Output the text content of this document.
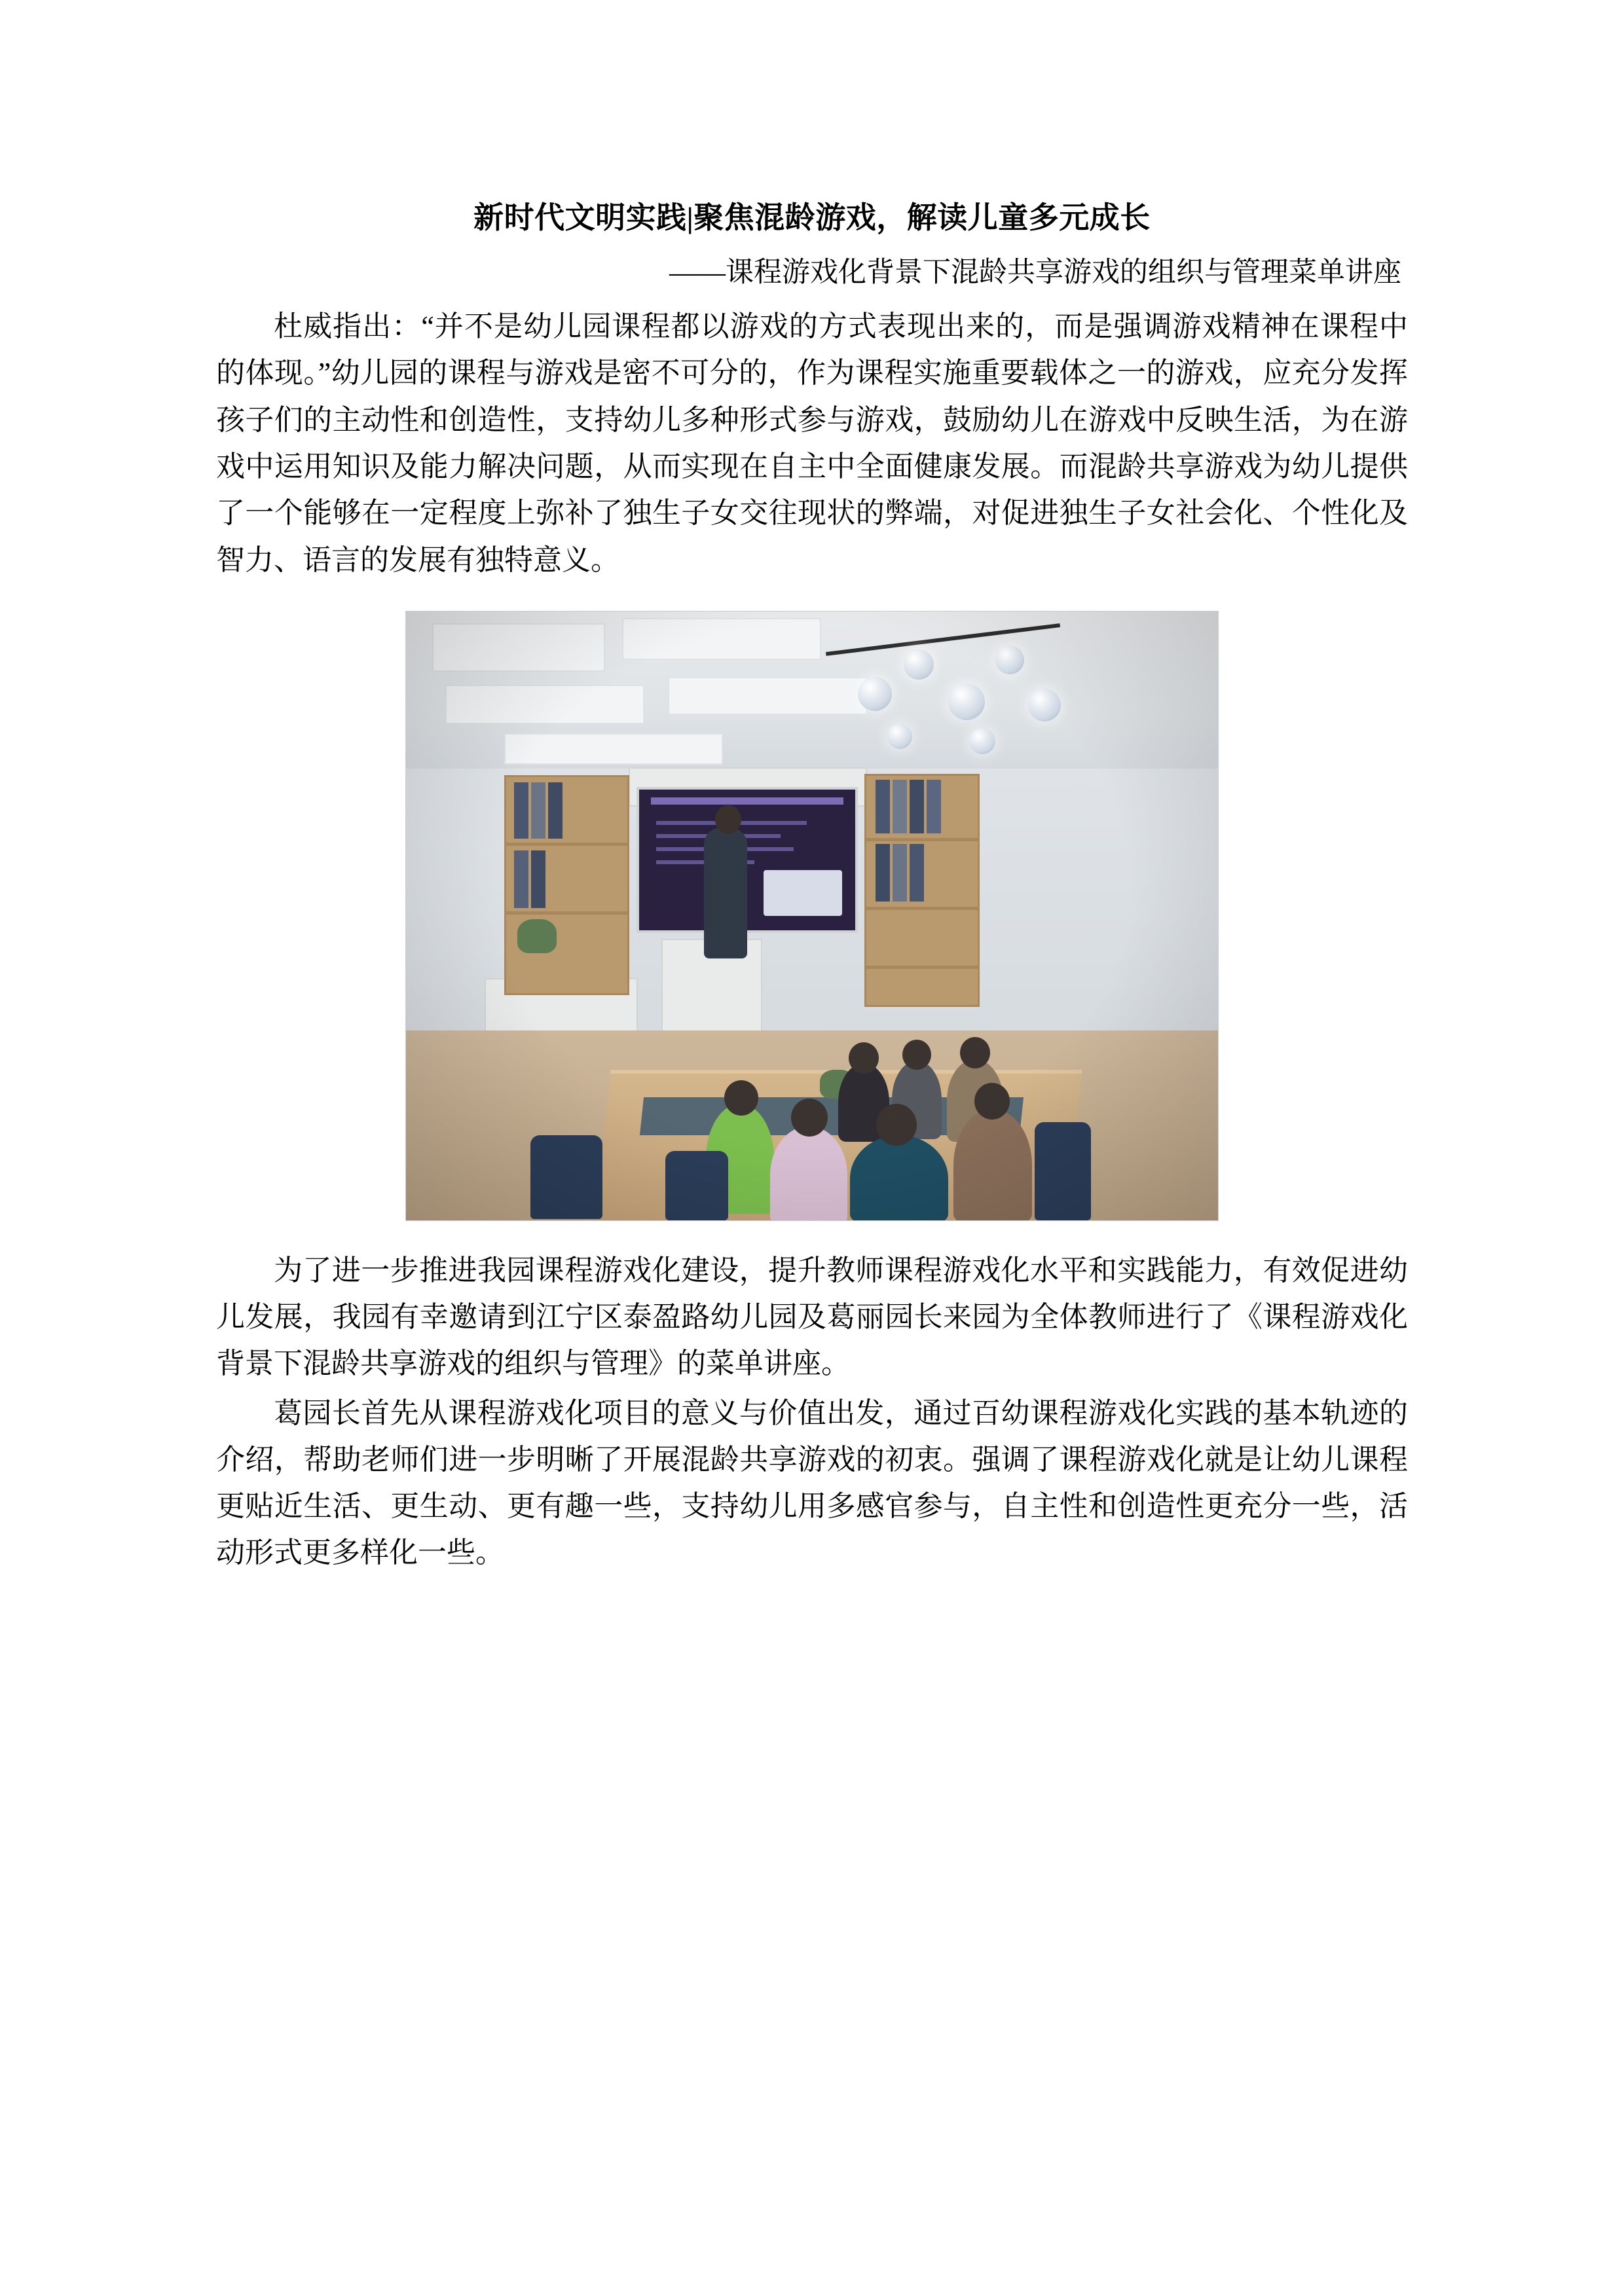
新时代文明实践|聚焦混龄游戏，解读儿童多元成长
——课程游戏化背景下混龄共享游戏的组织与管理菜单讲座

杜威指出：“并不是幼儿园课程都以游戏的方式表现出来的，而是强调游戏精神在课程中的体现。”幼儿园的课程与游戏是密不可分的，作为课程实施重要载体之一的游戏，应充分发挥孩子们的主动性和创造性，支持幼儿多种形式参与游戏，鼓励幼儿在游戏中反映生活，为在游戏中运用知识及能力解决问题，从而实现在自主中全面健康发展。而混龄共享游戏为幼儿提供了一个能够在一定程度上弥补了独生子女交往现状的弊端，对促进独生子女社会化、个性化及智力、语言的发展有独特意义。

为了进一步推进我园课程游戏化建设，提升教师课程游戏化水平和实践能力，有效促进幼儿发展，我园有幸邀请到江宁区泰盈路幼儿园及葛丽园长来园为全体教师进行了《课程游戏化背景下混龄共享游戏的组织与管理》的菜单讲座。

葛园长首先从课程游戏化项目的意义与价值出发，通过百幼课程游戏化实践的基本轨迹的介绍，帮助老师们进一步明晰了开展混龄共享游戏的初衷。强调了课程游戏化就是让幼儿课程更贴近生活、更生动、更有趣一些，支持幼儿用多感官参与，自主性和创造性更充分一些，活动形式更多样化一些。
